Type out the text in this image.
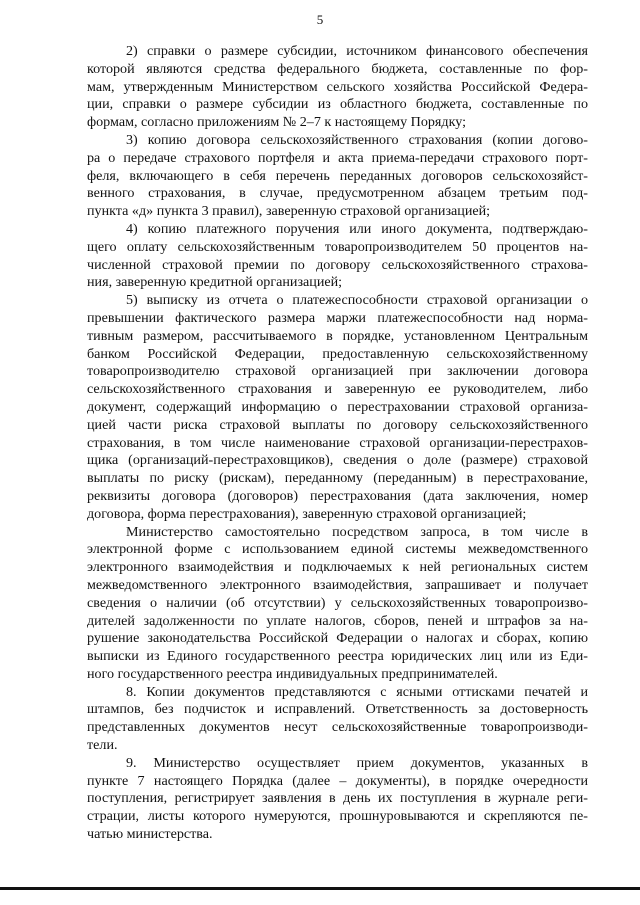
5
2) справки о размере субсидии, источником финансового обеспечения
которой являются средства федерального бюджета, составленные по фор-
мам, утвержденным Министерством сельского хозяйства Российской Федера-
ции, справки о размере субсидии из областного бюджета, составленные по
формам, согласно приложениям № 2–7 к настоящему Порядку;
3) копию договора сельскохозяйственного страхования (копии догово-
ра о передаче страхового портфеля и акта приема-передачи страхового порт-
феля, включающего в себя перечень переданных договоров сельскохозяйст-
венного страхования, в случае, предусмотренном абзацем третьим под-
пункта «д» пункта 3 правил), заверенную страховой организацией;
4) копию платежного поручения или иного документа, подтверждаю-
щего оплату сельскохозяйственным товаропроизводителем 50 процентов на-
численной страховой премии по договору сельскохозяйственного страхова-
ния, заверенную кредитной организацией;
5) выписку из отчета о платежеспособности страховой организации о
превышении фактического размера маржи платежеспособности над норма-
тивным размером, рассчитываемого в порядке, установленном Центральным
банком Российской Федерации, предоставленную сельскохозяйственному
товаропроизводителю страховой организацией при заключении договора
сельскохозяйственного страхования и заверенную ее руководителем, либо
документ, содержащий информацию о перестраховании страховой организа-
цией части риска страховой выплаты по договору сельскохозяйственного
страхования, в том числе наименование страховой организации-перестрахов-
щика (организаций-перестраховщиков), сведения о доле (размере) страховой
выплаты по риску (рискам), переданному (переданным) в перестрахование,
реквизиты договора (договоров) перестрахования (дата заключения, номер
договора, форма перестрахования), заверенную страховой организацией;
Министерство самостоятельно посредством запроса, в том числе в
электронной форме с использованием единой системы межведомственного
электронного взаимодействия и подключаемых к ней региональных систем
межведомственного электронного взаимодействия, запрашивает и получает
сведения о наличии (об отсутствии) у сельскохозяйственных товаропроизво-
дителей задолженности по уплате налогов, сборов, пеней и штрафов за на-
рушение законодательства Российской Федерации о налогах и сборах, копию
выписки из Единого государственного реестра юридических лиц или из Еди-
ного государственного реестра индивидуальных предпринимателей.
8. Копии документов представляются с ясными оттисками печатей и
штампов, без подчисток и исправлений. Ответственность за достоверность
представленных документов несут сельскохозяйственные товаропроизводи-
тели.
9. Министерство осуществляет прием документов, указанных в
пункте 7 настоящего Порядка (далее – документы), в порядке очередности
поступления, регистрирует заявления в день их поступления в журнале реги-
страции, листы которого нумеруются, прошнуровываются и скрепляются пе-
чатью министерства.
